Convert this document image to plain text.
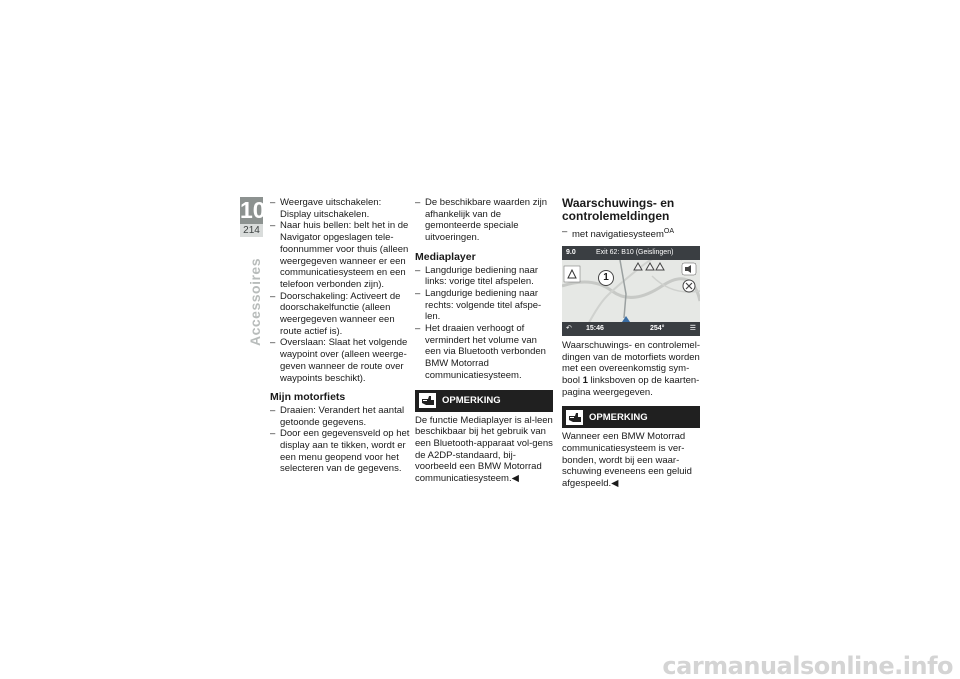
10
214
Accessoires
– Weergave uitschakelen: Display uitschakelen.
– Naar huis bellen: belt het in de Navigator opgeslagen tele-foonnummer voor thuis (alleen weergegeven wanneer er een communicatiesysteem en een telefoon verbonden zijn).
– Doorschakeling: Activeert de doorschakelfunctie (alleen weergegeven wanneer een route actief is).
– Overslaan: Slaat het volgende waypoint over (alleen weerge-geven wanneer de route over waypoints beschikt).
Mijn motorfiets
– Draaien: Verandert het aantal getoonde gegevens.
– Door een gegevensveld op het display aan te tikken, wordt er een menu geopend voor het selecteren van de gegevens.
– De beschikbare waarden zijn afhankelijk van de gemonteerde speciale uitvoeringen.
Mediaplayer
– Langdurige bediening naar links: vorige titel afspelen.
– Langdurige bediening naar rechts: volgende titel afspe-len.
– Het draaien verhoogt of vermindert het volume van een via Bluetooth verbonden BMW Motorrad communicatiesysteem.
OPMERKING
De functie Mediaplayer is al-leen beschikbaar bij het gebruik van een Bluetooth-apparaat vol-gens de A2DP-standaard, bij-voorbeeld een BMW Motorrad communicatiesysteem.◀
Waarschuwings- en controlemeldingen
– met navigatiesysteem$^{OA}$
9.0	Exit 62: B10 (Geislingen)
1
↶ 15:46	254°	☰
Waarschuwings- en controlemel-dingen van de motorfiets worden met een overeenkomstig sym-bool 1 linksboven op de kaarten-pagina weergegeven.
OPMERKING
Wanneer een BMW Motorrad communicatiesysteem is ver-bonden, wordt bij een waar-schuwing eveneens een geluid afgespeeld.◀
carmanualsonline.info
